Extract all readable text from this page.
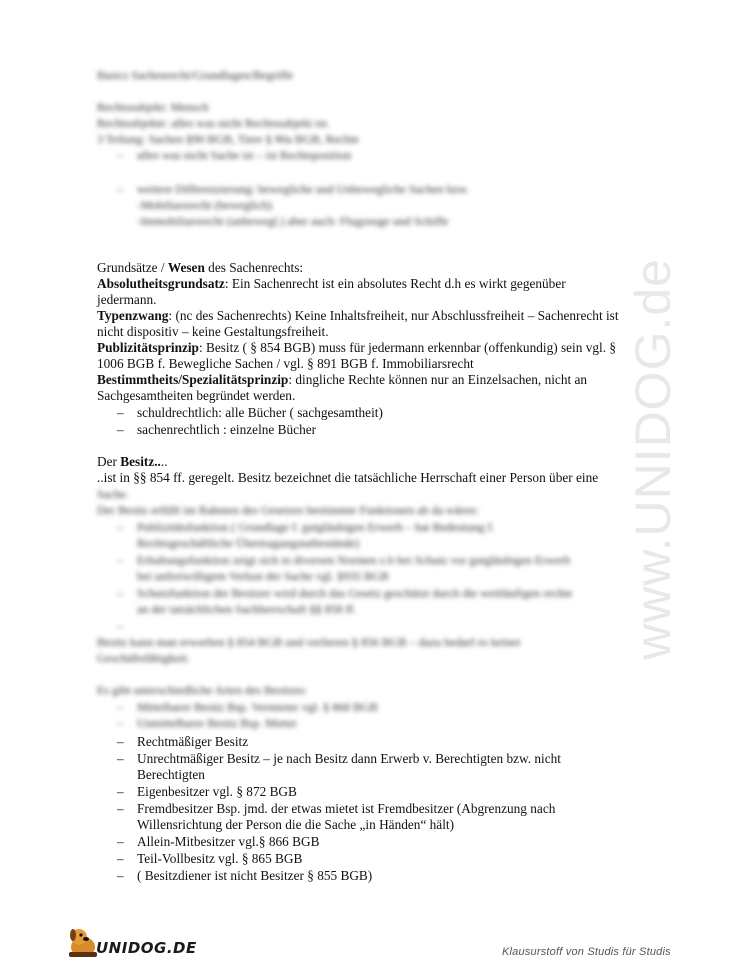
Basics Sachenrecht/Grundlagen/Begriffe
Rechtssubjekt: Mensch
Rechtsobjekte: alles was nicht Rechtssubjekt ist.
3 Teilung: Sachen §90 BGB, Tiere § 90a BGB, Rechte
– alles was nicht Sache ist – ist Rechtsposition
– weitere Differenzierung: bewegliche und Unbewegliche Sachen bzw.
-Mobiliarsrecht (beweglich)
-Immobiliarsrecht (unbewegl.) aber auch: Flugzeuge und Schiffe
Grundsätze / Wesen des Sachenrechts:
Absolutheitsgrundsatz: Ein Sachenrecht ist ein absolutes Recht d.h es wirkt gegenüber
jedermann.
Typenzwang: (nc des Sachenrechts) Keine Inhaltsfreiheit, nur Abschlussfreiheit – Sachenrecht ist
nicht dispositiv – keine Gestaltungsfreiheit.
Publizitätsprinzip: Besitz ( § 854 BGB) muss für jedermann erkennbar (offenkundig) sein vgl. §
1006 BGB f. Bewegliche Sachen / vgl. § 891 BGB f. Immobiliarsrecht
Bestimmtheits/Spezialitätsprinzip: dingliche Rechte können nur an Einzelsachen, nicht an
Sachgesamtheiten begründet werden.
– schuldrechtlich: alle Bücher ( sachgesamtheit)
– sachenrechtlich : einzelne Bücher
Der Besitz....
..ist in §§ 854 ff. geregelt. Besitz bezeichnet die tatsächliche Herrschaft einer Person über eine
Sache.
Der Besitz erfüllt im Rahmen des Gesetzes bestimmte Funktionen ab da wären:
– Publizitätsfunktion ( Grundlage f. gutgläubigen Erwerb – hat Bedeutung f.
Rechtsgeschäftliche Übertragungstatbestände)
– Erhaltungsfunktion zeigt sich in diversen Normen z.b bei Schutz vor gutgläubigen Erwerb
bei unfreiwilligem Verlust der Sache vgl. §935 BGB
– Schutzfunktion der Besitzer wird durch das Gesetz geschützt durch die weitläufigen rechte
an der tatsächlichen Sachherrschaft §§ 858 ff.
–
Besitz kann man erwerben § 854 BGB und verlieren § 856 BGB – dazu bedarf es keiner
Geschäftsfähigkeit.
Es gibt unterschiedliche Arten des Besitzes:
– Mittelbarer Besitz Bsp. Vermieter vgl. § 868 BGB
– Unmittelbarer Besitz Bsp. Mieter
– Rechtmäßiger Besitz
– Unrechtmäßiger Besitz – je nach Besitz dann Erwerb v. Berechtigten bzw. nicht
Berechtigten
– Eigenbesitzer vgl. § 872 BGB
– Fremdbesitzer Bsp. jmd. der etwas mietet ist Fremdbesitzer (Abgrenzung nach
Willensrichtung der Person die die Sache „in Händen“ hält)
– Allein-Mitbesitzer vgl.§ 866 BGB
– Teil-Vollbesitz vgl. § 865 BGB
– ( Besitzdiener ist nicht Besitzer § 855 BGB)
www.UNIDOG.de
UNIDOG.DE	Klausurstoff von Studis für Studis
